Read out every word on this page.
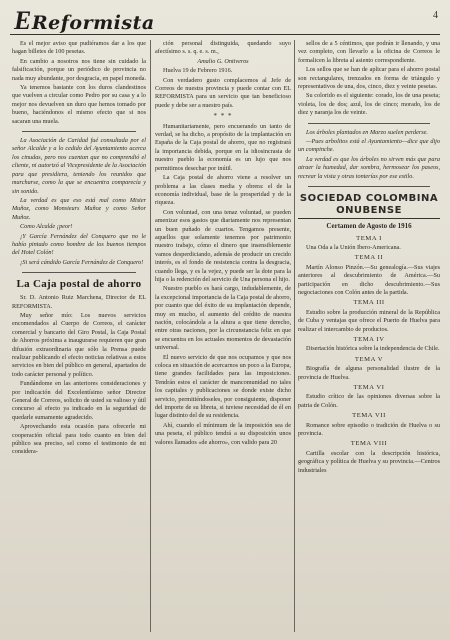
EReformista	4

Es el mejor aviso que pudiéramos dar a los que hagan billetes de 100 pesetas.

En cambio a nosotros nos tiene sin cuidado la falsificación, porque un periódico de provincia no nada muy abundante, por desgracia, en papel moneda.

Ya tenemos bastante con los duros clandestinos que vuelven a circular como Pedro por su casa y a lo mejor nos devuelven un duro que hemos tomado por bueno, haciéndonos el mismo efecto que si nos sacaran una muela.

La Asociación de Caridad fué consultada por el señor Alcalde y a lo cedido del Ayuntamiento acerca los cinudas, pero nos cuentan que no comprendió el cliente, ni autorizó al Vicepresidente de la Asociación para que presidiera, teniendo los reunidos que marcharse, como la que se encuentra comparecía y sin sonido.

La verdad es que eso está mal como Mister Muñoz, como Monsieurs Muñoz y como Señor Muñoz.

Como Alcalde ¡peor!

¡Y García Fernández del Conquero que no le había pintado como hombre de los buenos tiempos del Hotel Colón!

¡Si será cándido García Fernández de Conquero!

La Caja postal de ahorro

Sr. D. Antonio Ruiz Marchena, Director de EL REFORMISTA.

Muy señor mío: Los nuevos servicios encomendados al Cuerpo de Correos, el carácter comercial y bancario del Giro Postal, la Caja Postal de Ahorros próxima a inaugurarse requieren que gran difusión extraordinaria que sólo la Prensa puede realizar publicando el efecto noticias relativas a estos servicios en bien del público en general, apartados de todo carácter personal y político.

Fundándome en las anteriores consideraciones y por indicación del Excelentísimo señor Director General de Correos, solicito de usted su valioso y útil concurso al efecto ya indicado en la seguridad de quedarle sumamente agradecido.

Aprovechando esta ocasión para ofrecerle mi cooperación oficial para todo cuanto en bien del público sea preciso, sel como el testimonio de mi considera-

ción personal distinguida, quedando suyo afectísimo s. s. q. e. s. m.,

Amalio G. Ontiveros

Huelva 19 de Febrero 1916.

Con verdadero gusto complacemos al Jefe de Correos de nuestra provincia y puede contar con EL REFORMISTA para un servicio que tan beneficioso puede y debe ser a nuestro país.

* * *

Humanitariamente, pero encuerando un tanto de verdad, se ha dicho, a propósito de la implantación en España de la Caja postal de ahorro, que no registrará la importancia debida, porque en la idiosincrasia de nuestro pueblo la economía es un lujo que nos permitimos desechar por inútil.

La Caja postal de ahorro viene a resolver un problema a las clases media y obrera: el de la economía individual, base de la prosperidad y de la riqueza.

Con voluntad, con una tenaz voluntad, se pueden amenizar esos gastos que diariamente nos representan un buen puñado de cuartos. Tengamos presente, aquellos que solamente tenemos por patrimonio nuestro trabajo, cómo el dinero que insensiblemente vamos desperdiciando, además de producir un crecido interés, es el fondo de resistencia contra la desgracia, cuando llega, y es la vejez, y puede ser la dote para la hija o la redención del servicio de Una persona el hijo.

Nuestro pueblo es hará cargo, indudablemente, de la excepcional importancia de la Caja postal de ahorro, por cuanto que del éxito de su implantación depende, muy en mucho, el aumento del crédito de nuestra nación, colocándola a la altura a que tiene derecho, entre otras naciones, por la circunstancia feliz en que se encuentra en los actuales momentos de devastación universal.

El nuevo servicio de que nos ocupamos y que nos coloca en situación de acercarnos un poco a la Europa, tiene grandes facilidades para las imposiciones. Tendrán estos el carácter de mancomunidad no tales los capitales y publicaciones se donde existe dicho servicio, permitiéndoseles, por consiguiente, disponer del importe de su libreta, si tuviese necesidad de él en lugar distinto del de su residencia.

Ahí, cuando el mínimum de la imposición sea de una peseta, el público tendrá a su disposición unos valores llamados «de ahorro», con valido para 20

sellos de a 5 céntimos, que podrán ir llenando, y una vez completo, con llevarlo a la oficina de Correos le formalicen la libreta al asiento correspondiente.

Los sellos que se han de aplicar para el ahorro postal son rectangulares, trenzados en forma de triángulo y representativos de una, dos, cinco, diez y veinte pesetas.

Su colorido es el siguiente: corado, los de una peseta; violeta, los de dos; azul, los de cinco; morado, los de diez y naranja los de veinte.

Los árboles plantados en Marzo suelen perderse.

—Pues arbolitos está el Ayuntamiento—dice que dijo un compinche.

La verdad es que los árboles no sirven más que para atraer la humedad, dar sombra, hermosear los paseos, recrear la vista y otras tonterías por ese estilo.

SOCIEDAD COLOMBINA ONUBENSE
Certamen de Agosto de 1916
TEMA I

Una Oda a la Unión Ibero-Americana.

TEMA II

Martín Alonso Pinzón.—Su genealogía.—Sus viajes anteriores al descubrimiento de América.—Su participación en dicho descubrimiento.—Sus negociaciones con Colón antes de la partida.

TEMA III

Estudio sobre la producción mineral de la República de Cuba y ventajas que ofrece el Puerto de Huelva para realizar el intercambio de productos.

TEMA IV

Disertación histórica sobre la independencia de Chile.

TEMA V

Biografía de alguna personalidad ilustre de la provincia de Huelva.

TEMA VI

Estudio crítico de las opiniones diversas sobre la patria de Colón.

TEMA VII

Romance sobre episodio o tradición de Huelva o su provincia.

TEMA VIII

Cartilla escolar con la descripción histórica, geográfica y política de Huelva y su provincia.—Centros industriales
